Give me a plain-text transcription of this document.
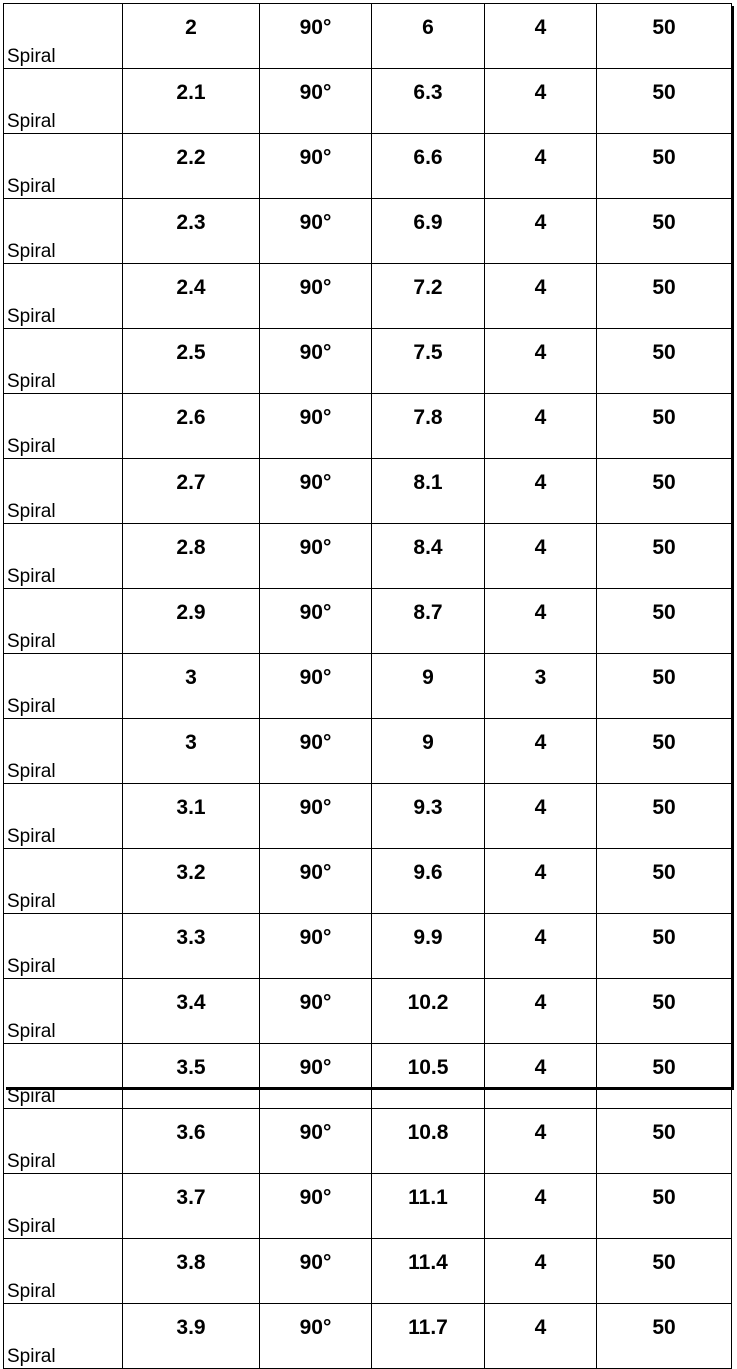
Spiral	2	90°	6	4	50
Spiral	2.1	90°	6.3	4	50
Spiral	2.2	90°	6.6	4	50
Spiral	2.3	90°	6.9	4	50
Spiral	2.4	90°	7.2	4	50
Spiral	2.5	90°	7.5	4	50
Spiral	2.6	90°	7.8	4	50
Spiral	2.7	90°	8.1	4	50
Spiral	2.8	90°	8.4	4	50
Spiral	2.9	90°	8.7	4	50
Spiral	3	90°	9	3	50
Spiral	3	90°	9	4	50
Spiral	3.1	90°	9.3	4	50
Spiral	3.2	90°	9.6	4	50
Spiral	3.3	90°	9.9	4	50
Spiral	3.4	90°	10.2	4	50
Spiral	3.5	90°	10.5	4	50
Spiral	3.6	90°	10.8	4	50
Spiral	3.7	90°	11.1	4	50
Spiral	3.8	90°	11.4	4	50
Spiral	3.9	90°	11.7	4	50
